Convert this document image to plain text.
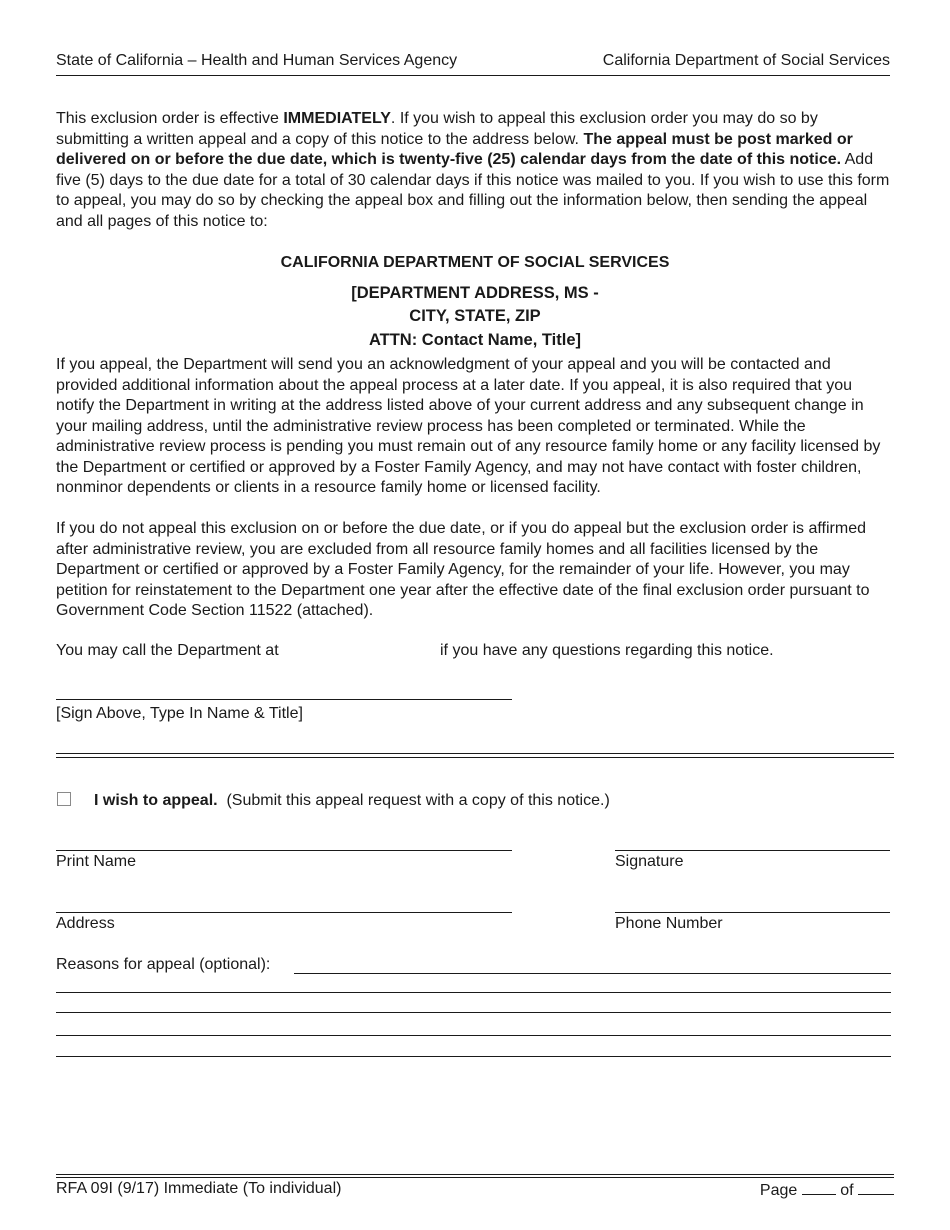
State of California – Health and Human Services Agency	California Department of Social Services

This exclusion order is effective IMMEDIATELY. If you wish to appeal this exclusion order you may do so by submitting a written appeal and a copy of this notice to the address below. The appeal must be post marked or delivered on or before the due date, which is twenty-five (25) calendar days from the date of this notice. Add five (5) days to the due date for a total of 30 calendar days if this notice was mailed to you. If you wish to use this form to appeal, you may do so by checking the appeal box and filling out the information below, then sending the appeal and all pages of this notice to:

CALIFORNIA DEPARTMENT OF SOCIAL SERVICES
[DEPARTMENT ADDRESS, MS -
CITY, STATE, ZIP
ATTN: Contact Name, Title]

If you appeal, the Department will send you an acknowledgment of your appeal and you will be contacted and provided additional information about the appeal process at a later date. If you appeal, it is also required that you notify the Department in writing at the address listed above of your current address and any subsequent change in your mailing address, until the administrative review process has been completed or terminated. While the administrative review process is pending you must remain out of any resource family home or any facility licensed by the Department or certified or approved by a Foster Family Agency, and may not have contact with foster children, nonminor dependents or clients in a resource family home or licensed facility.

If you do not appeal this exclusion on or before the due date, or if you do appeal but the exclusion order is affirmed after administrative review, you are excluded from all resource family homes and all facilities licensed by the Department or certified or approved by a Foster Family Agency, for the remainder of your life. However, you may petition for reinstatement to the Department one year after the effective date of the final exclusion order pursuant to Government Code Section 11522 (attached).

You may call the Department at	if you have any questions regarding this notice.
[Sign Above, Type In Name & Title]
I wish to appeal. (Submit this appeal request with a copy of this notice.)
Print Name	Signature
Address	Phone Number
Reasons for appeal (optional):
RFA 09I (9/17) Immediate (To individual)	Page	of
